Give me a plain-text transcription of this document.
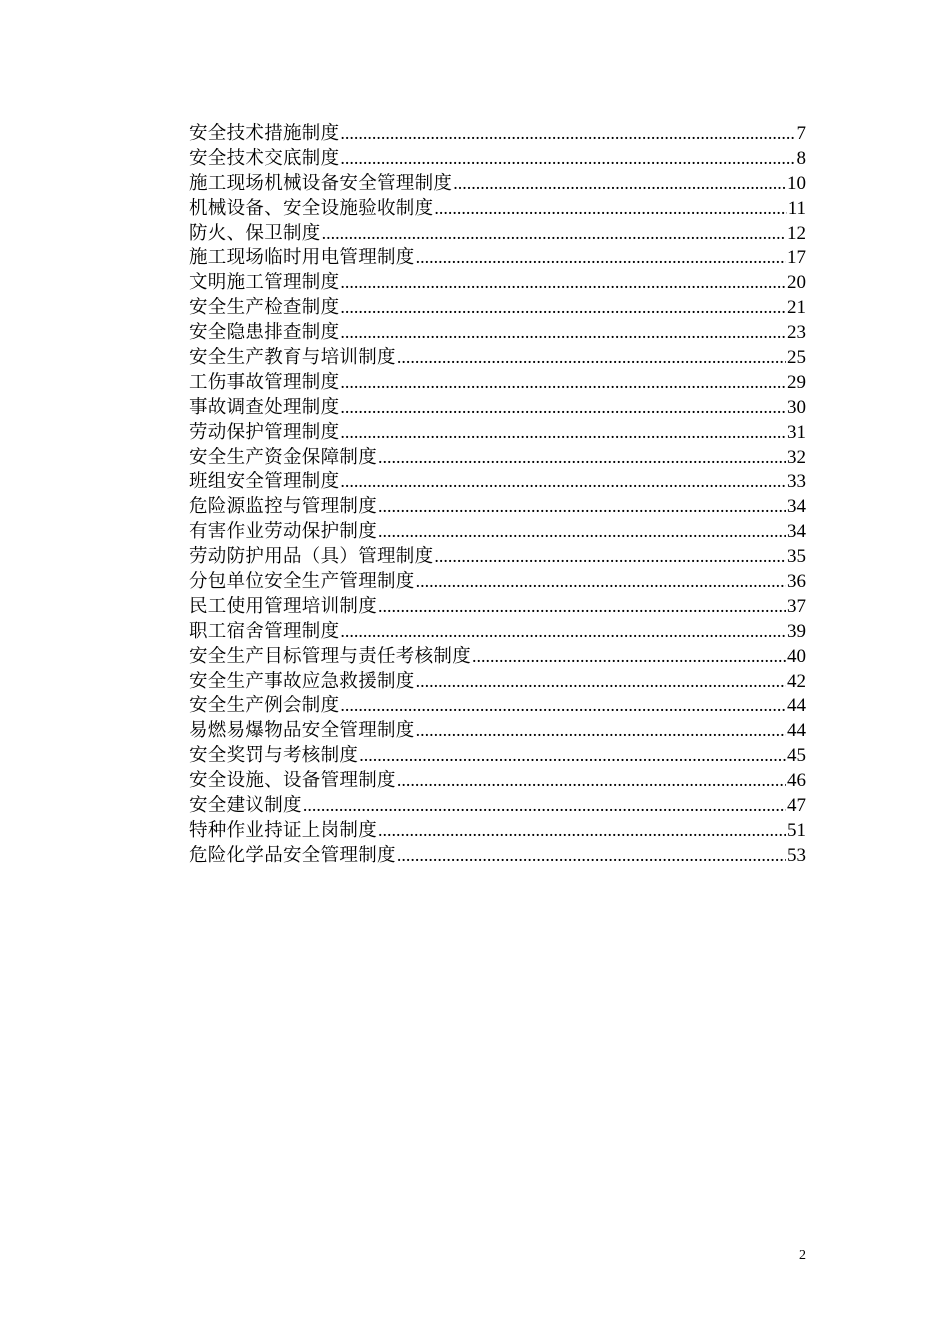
安全技术措施制度 .....	7
安全技术交底制度 .....	8
施工现场机械设备安全管理制度 .....	10
机械设备、安全设施验收制度 .....	11
防火、保卫制度 .....	12
施工现场临时用电管理制度 .....	17
文明施工管理制度 .....	20
安全生产检查制度 .....	21
安全隐患排查制度 .....	23
安全生产教育与培训制度 .....	25
工伤事故管理制度 .....	29
事故调查处理制度 .....	30
劳动保护管理制度 .....	31
安全生产资金保障制度 .....	32
班组安全管理制度 .....	33
危险源监控与管理制度 .....	34
有害作业劳动保护制度 .....	34
劳动防护用品（具）管理制度 .....	35
分包单位安全生产管理制度 .....	36
民工使用管理培训制度 .....	37
职工宿舍管理制度 .....	39
安全生产目标管理与责任考核制度 .....	40
安全生产事故应急救援制度 .....	42
安全生产例会制度 .....	44
易燃易爆物品安全管理制度 .....	44
安全奖罚与考核制度 .....	45
安全设施、设备管理制度 .....	46
安全建议制度 .....	47
特种作业持证上岗制度 .....	51
危险化学品安全管理制度 .....	53
2
